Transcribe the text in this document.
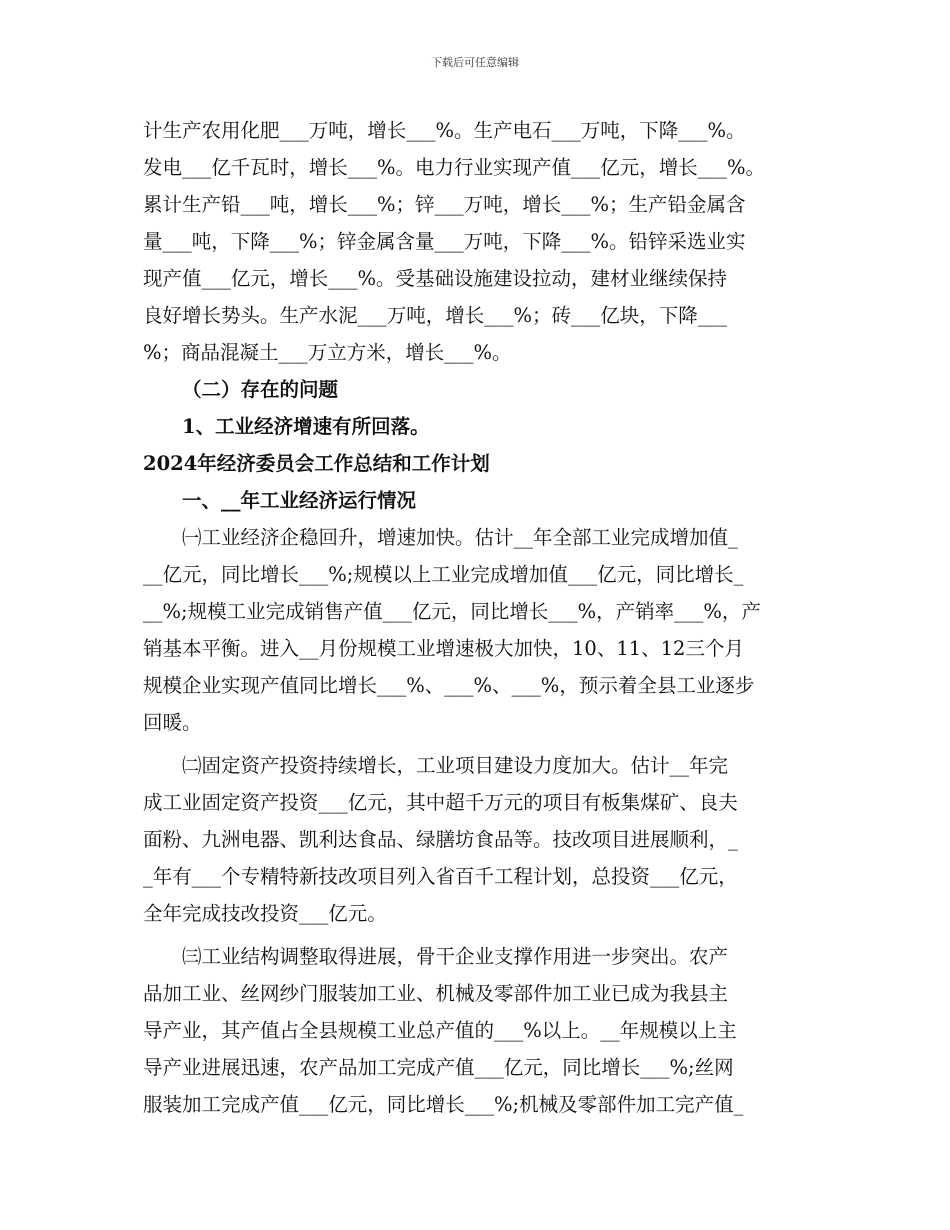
下载后可任意编辑

计生产农用化肥___万吨，增长___%。生产电石___万吨，下降___%。
发电___亿千瓦时，增长___%。电力行业实现产值___亿元，增长___%。
累计生产铅___吨，增长___%；锌___万吨，增长___%；生产铅金属含
量___吨，下降___%；锌金属含量___万吨，下降___%。铅锌采选业实
现产值___亿元，增长___%。受基础设施建设拉动，建材业继续保持
良好增长势头。生产水泥___万吨，增长___%；砖___亿块，下降___
%；商品混凝土___万立方米，增长___%。

（二）存在的问题

1、工业经济增速有所回落。

2024年经济委员会工作总结和工作计划

一、__年工业经济运行情况

㈠工业经济企稳回升，增速加快。估计__年全部工业完成增加值_
__亿元，同比增长___%;规模以上工业完成增加值___亿元，同比增长_
__%;规模工业完成销售产值___亿元，同比增长___%，产销率___%，产
销基本平衡。进入__月份规模工业增速极大加快，10、11、12三个月
规模企业实现产值同比增长___%、___%、___%，预示着全县工业逐步
回暖。

㈡固定资产投资持续增长，工业项目建设力度加大。估计__年完
成工业固定资产投资___亿元，其中超千万元的项目有板集煤矿、良夫
面粉、九洲电器、凯利达食品、绿膳坊食品等。技改项目进展顺利，_
_年有___个专精特新技改项目列入省百千工程计划，总投资___亿元，
全年完成技改投资___亿元。

㈢工业结构调整取得进展，骨干企业支撑作用进一步突出。农产
品加工业、丝网纱门服装加工业、机械及零部件加工业已成为我县主
导产业，其产值占全县规模工业总产值的___%以上。__年规模以上主
导产业进展迅速，农产品加工完成产值___亿元，同比增长___%;丝网
服装加工完成产值___亿元，同比增长___%;机械及零部件加工完产值_
